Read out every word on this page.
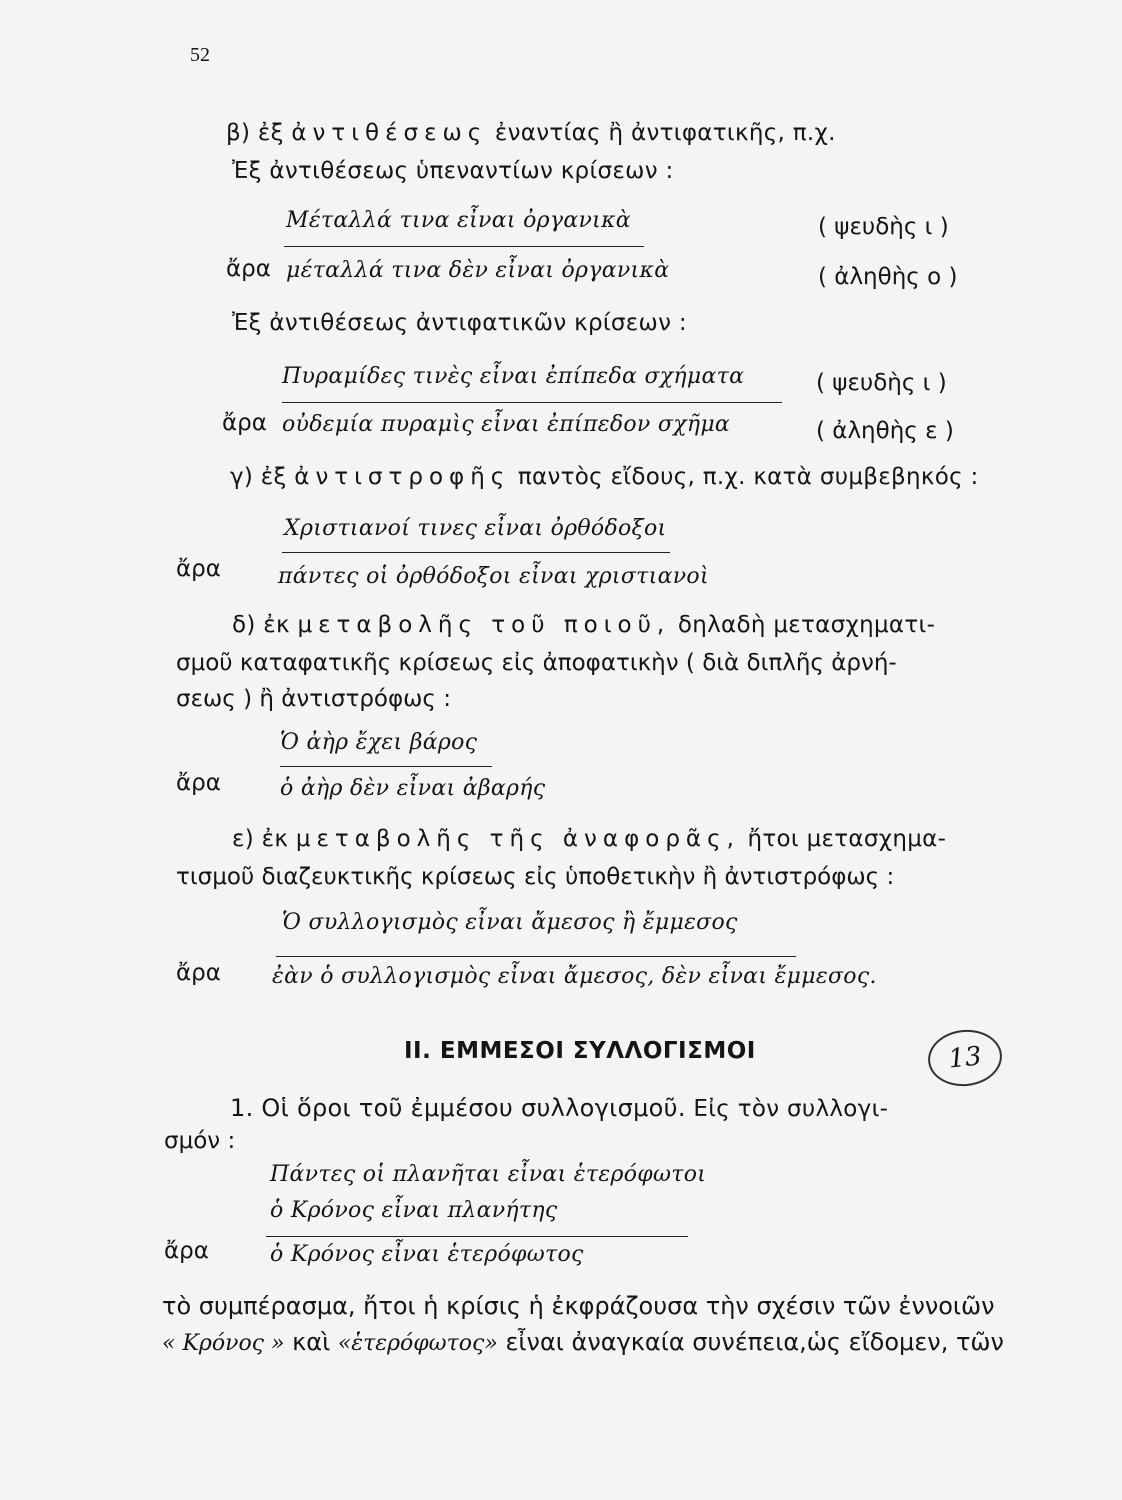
52
β) ἐξ ἀντιθέσεως ἐναντίας ἢ ἀντιφατικῆς, π.χ.
Ἐξ ἀντιθέσεως ὑπεναντίων κρίσεων :
Μέταλλά τινα εἶναι ὀργανικὰ	( ψευδὴς ι )
ἄρα μέταλλά τινα δὲν εἶναι ὀργανικὰ	( ἀληθὴς ο )
Ἐξ ἀντιθέσεως ἀντιφατικῶν κρίσεων :
Πυραμίδες τινὲς εἶναι ἐπίπεδα σχήματα	( ψευδὴς ι )
ἄρα οὐδεμία πυραμὶς εἶναι ἐπίπεδον σχῆμα	( ἀληθὴς ε )
γ) ἐξ ἀντιστροφῆς παντὸς εἴδους, π.χ. κατὰ συμβεβηκός :
Χριστιανοί τινες εἶναι ὀρθόδοξοι
ἄρα	πάντες οἱ ὀρθόδοξοι εἶναι χριστιανοὶ
δ) ἐκ μεταβολῆς τοῦ ποιοῦ, δηλαδὴ μετασχηματι-
σμοῦ καταφατικῆς κρίσεως εἰς ἀποφατικὴν ( διὰ διπλῆς ἀρνή-
σεως ) ἢ ἀντιστρόφως :
Ὁ ἀὴρ ἔχει βάρος
ἄρα	ὁ ἀὴρ δὲν εἶναι ἀβαρής
ε) ἐκ μεταβολῆς τῆς ἀναφορᾶς, ἤτοι μετασχημα-
τισμοῦ διαζευκτικῆς κρίσεως εἰς ὑποθετικὴν ἢ ἀντιστρόφως :
Ὁ συλλογισμὸς εἶναι ἄμεσος ἢ ἔμμεσος
ἄρα ἐὰν ὁ συλλογισμὸς εἶναι ἄμεσος, δὲν εἶναι ἔμμεσος.
ΙΙ. ΕΜΜΕΣΟΙ ΣΥΛΛΟΓΙΣΜΟΙ	13
1. Οἱ ὅροι τοῦ ἐμμέσου συλλογισμοῦ. Εἰς τὸν συλλογι-
σμόν :
Πάντες οἱ πλανῆται εἶναι ἑτερόφωτοι
ὁ Κρόνος εἶναι πλανήτης
ἄρα	ὁ Κρόνος εἶναι ἑτερόφωτος
τὸ συμπέρασμα, ἤτοι ἡ κρίσις ἡ ἐκφράζουσα τὴν σχέσιν τῶν ἐννοιῶν
« Κρόνος » καὶ «ἑτερόφωτος» εἶναι ἀναγκαία συνέπεια,ὡς εἴδομεν, τῶν
